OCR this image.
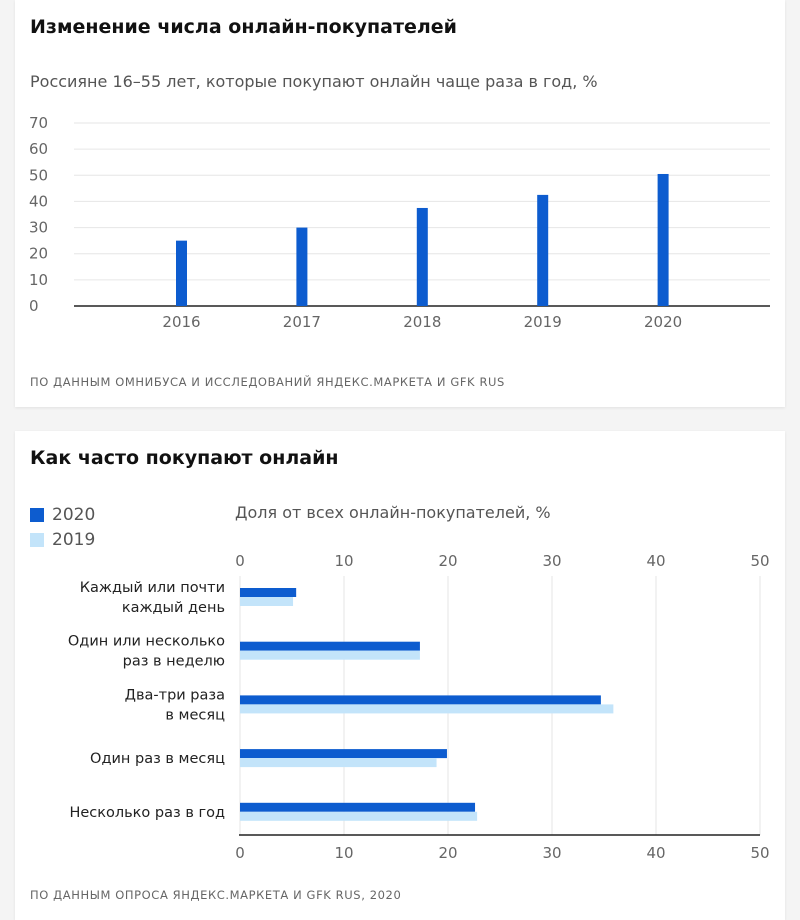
Изменение числа онлайн-покупателей

Россияне 16–55 лет, которые покупают онлайн чаще раза в год, %

0
10
20
30
40
50
60
70
2016	2017	2018	2019	2020
ПО ДАННЫМ ОМНИБУСА И ИССЛЕДОВАНИЙ ЯНДЕКС.МАРКЕТА И GFK RUS
Как часто покупают онлайн
2020
2019
Доля от всех онлайн-покупателей, %
0
0
10
10
20
20
30
30
40
40
50
50
Каждый или почти
каждый день
Один или несколько
раз в неделю
Два-три раза
в месяц
Один раз в месяц
Несколько раз в год
ПО ДАННЫМ ОПРОСА ЯНДЕКС.МАРКЕТА И GFK RUS, 2020
